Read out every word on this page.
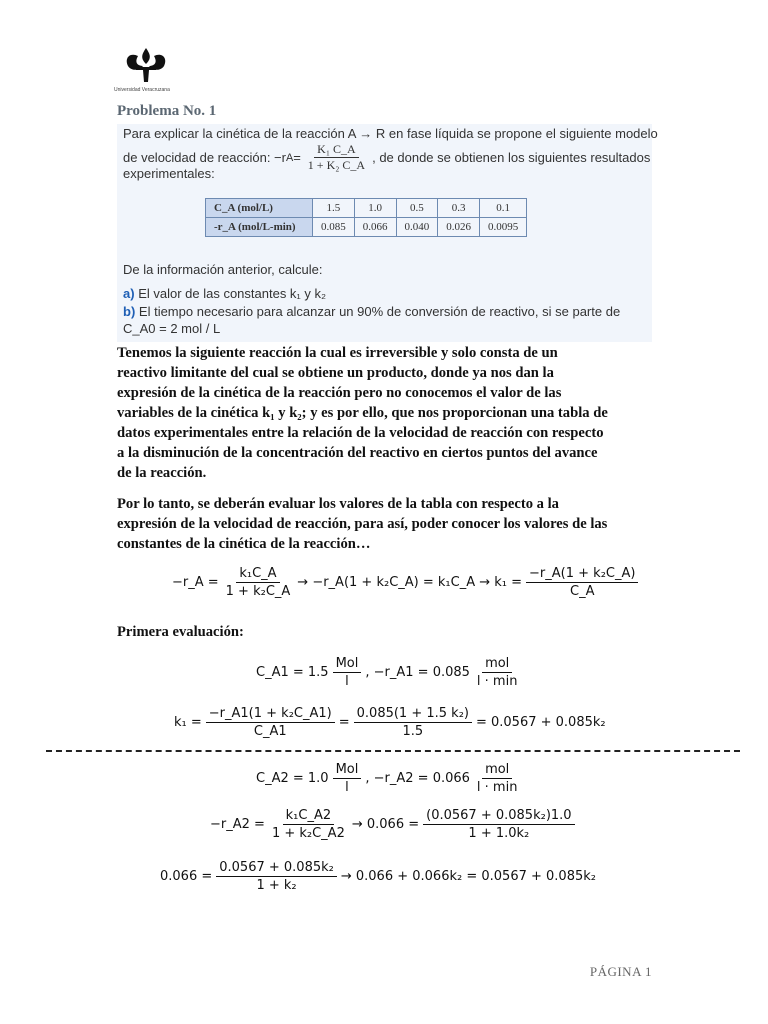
Universidad Veracruzana
Problema No. 1
Para explicar la cinética de la reacción A → R en fase líquida se propone el siguiente modelo
de velocidad de reacción: −r $A = \frac{\text{K₁ C\_A}}{\text{1 + K₂ C\_A}}$ , de donde se obtienen los siguientes resultados
experimentales:
C_A (mol/L)	1.5	1.0	0.5	0.3	0.1
-r_A (mol/L-min)	0.085	0.066	0.040	0.026	0.0095
De la información anterior, calcule:
a) El valor de las constantes k₁ y k₂
b) El tiempo necesario para alcanzar un 90% de conversión de reactivo, si se parte de
C_A0 = 2 mol / L
Tenemos la siguiente reacción la cual es irreversible y solo consta de un
reactivo limitante del cual se obtiene un producto, donde ya nos dan la
expresión de la cinética de la reacción pero no conocemos el valor de las
variables de la cinética k₁ y k₂; y es por ello, que nos proporcionan una tabla de
datos experimentales entre la relación de la velocidad de reacción con respecto
a la disminución de la concentración del reactivo en ciertos puntos del avance
de la reacción.
Por lo tanto, se deberán evaluar los valores de la tabla con respecto a la
expresión de la velocidad de reacción, para así, poder conocer los valores de las
constantes de la cinética de la reacción…
−r_A = $\frac{\text{k₁C\_A}}{\text{1 + k₂C\_A}}$ → −r_A(1 + k₂C_A) = k₁C_A → $k_1 = \frac{\text{−r\_A(1 + k₂C\_A)}}{C\_A}$
Primera evaluación:
C_A1 = $1.5 \frac{\text{Mol}}{l}$ , −r_A1 = $0.085 \frac{\text{mol}}{l \cdot \min}$
$k_1 = \frac{\text{−r\_A1(1 + k₂C\_A1)}}{C\_A1} = \frac{\text{0.085(1 + 1.5 k₂)}}{1.5} = 0.0567 + 0.085k_2$
C_A2 = $1.0 \frac{\text{Mol}}{l}$ , −r_A2 = $0.066 \frac{\text{mol}}{l \cdot \min}$
−r_A2 = $\frac{\text{k₁C\_A2}}{\text{1 + k₂C\_A2}} \to 0.066 = \frac{\text{(0.0567 + 0.085k₂)1.0}}{\text{1 + 1.0k₂}}$
$0.066 = \frac{\text{0.0567 + 0.085k₂}}{\text{1 + k₂}} \to 0.066 + 0.066k_2 = 0.0567 + 0.085k_2$
PÁGINA 1
